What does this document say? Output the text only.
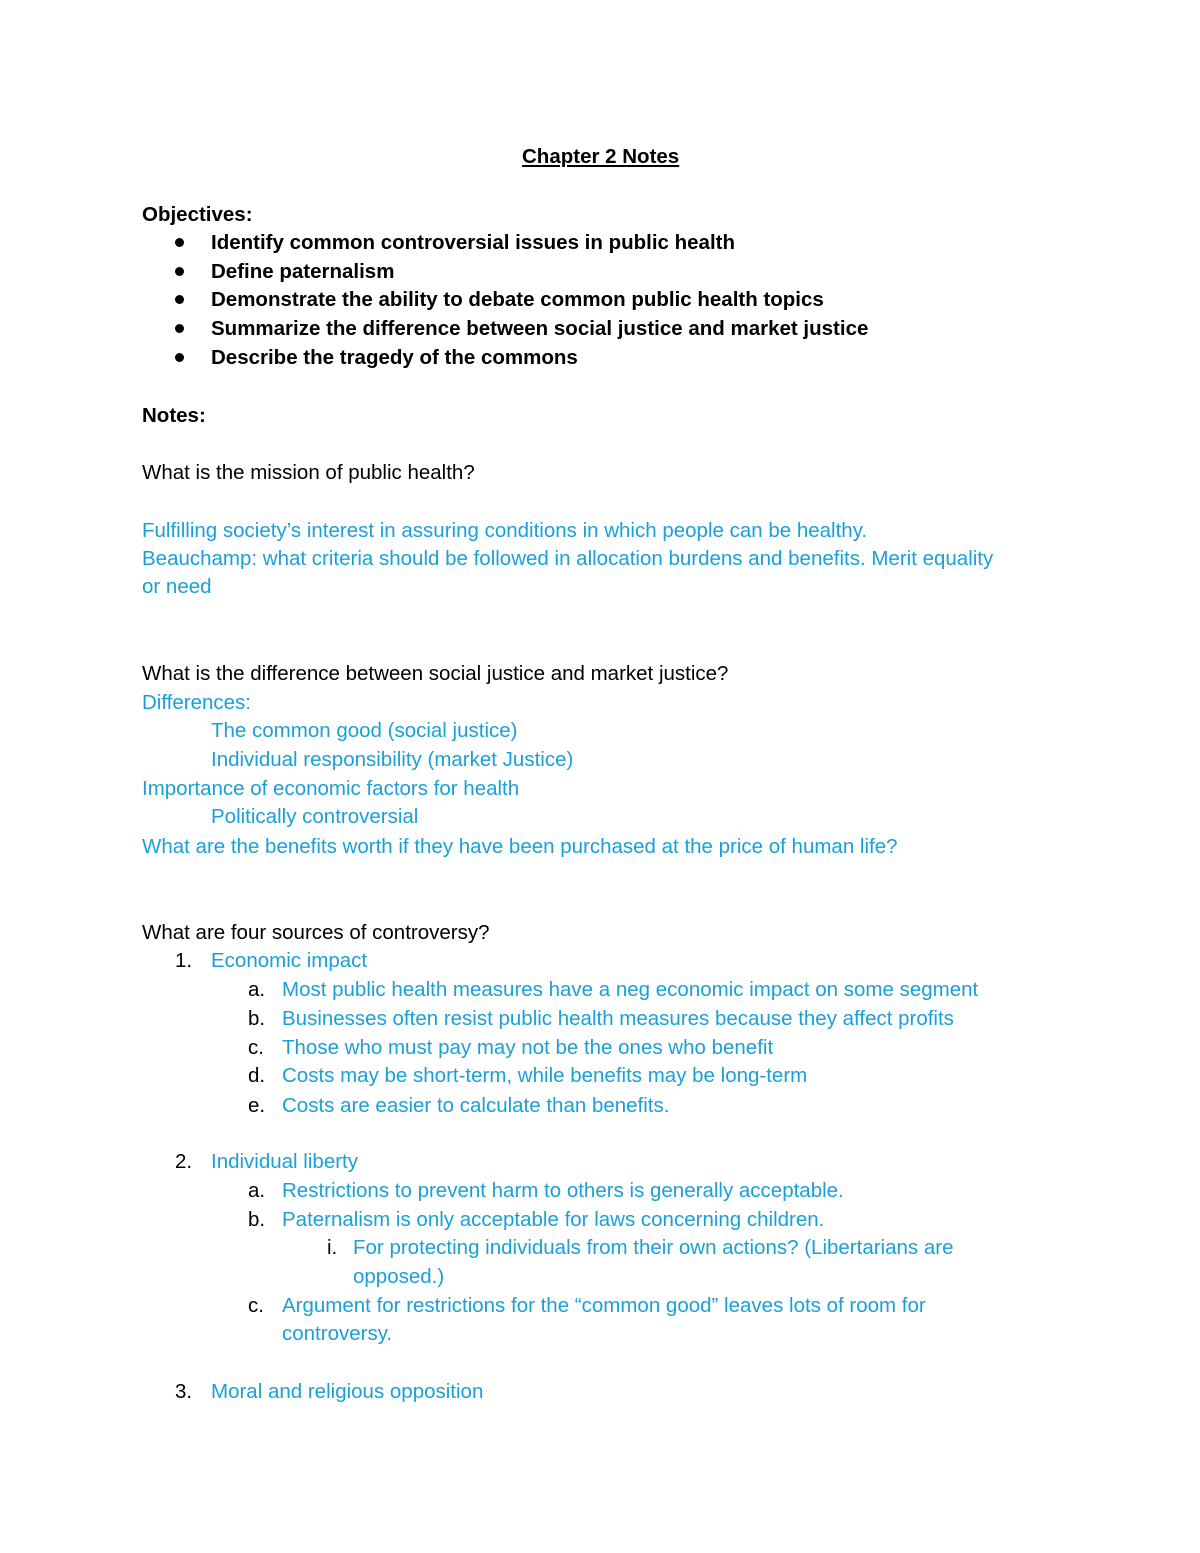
Chapter 2 Notes
Objectives:
Identify common controversial issues in public health
Define paternalism
Demonstrate the ability to debate common public health topics
Summarize the difference between social justice and market justice
Describe the tragedy of the commons
Notes:
What is the mission of public health?
Fulfilling society’s interest in assuring conditions in which people can be healthy.
Beauchamp: what criteria should be followed in allocation burdens and benefits. Merit equality
or need
What is the difference between social justice and market justice?
Differences:
The common good (social justice)
Individual responsibility (market Justice)
Importance of economic factors for health
Politically controversial
What are the benefits worth if they have been purchased at the price of human life?
What are four sources of controversy?
1. Economic impact
a. Most public health measures have a neg economic impact on some segment
b. Businesses often resist public health measures because they affect profits
c. Those who must pay may not be the ones who benefit
d. Costs may be short-term, while benefits may be long-term
e. Costs are easier to calculate than benefits.
2. Individual liberty
a. Restrictions to prevent harm to others is generally acceptable.
b. Paternalism is only acceptable for laws concerning children.
i. For protecting individuals from their own actions? (Libertarians are
opposed.)
c. Argument for restrictions for the “common good” leaves lots of room for
controversy.
3. Moral and religious opposition
